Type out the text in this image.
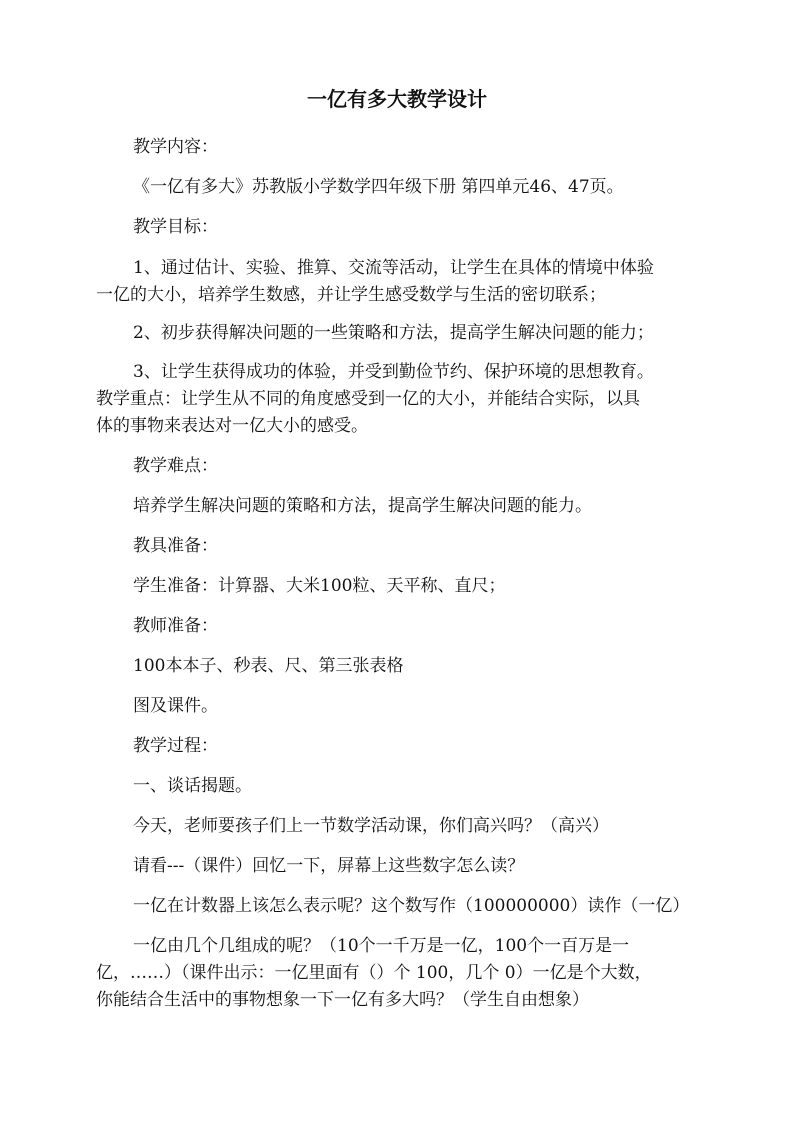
一亿有多大教学设计
教学内容：
《一亿有多大》苏教版小学数学四年级下册 第四单元46、47页。
教学目标：
1、通过估计、实验、推算、交流等活动，让学生在具体的情境中体验
一亿的大小，培养学生数感，并让学生感受数学与生活的密切联系；
2、初步获得解决问题的一些策略和方法，提高学生解决问题的能力；
3、让学生获得成功的体验，并受到勤俭节约、保护环境的思想教育。
教学重点：让学生从不同的角度感受到一亿的大小，并能结合实际，以具
体的事物来表达对一亿大小的感受。
教学难点：
培养学生解决问题的策略和方法，提高学生解决问题的能力。
教具准备：
学生准备：计算器、大米100粒、天平称、直尺；
教师准备：
100本本子、秒表、尺、第三张表格
图及课件。
教学过程：
一、谈话揭题。
今天，老师要孩子们上一节数学活动课，你们高兴吗？（高兴）
请看---（课件）回忆一下，屏幕上这些数字怎么读？
一亿在计数器上该怎么表示呢？这个数写作（100000000）读作（一亿）
一亿由几个几组成的呢？（10个一千万是一亿，100个一百万是一
亿，……）（课件出示：一亿里面有（）个 100，几个 0）一亿是个大数，
你能结合生活中的事物想象一下一亿有多大吗？（学生自由想象）
